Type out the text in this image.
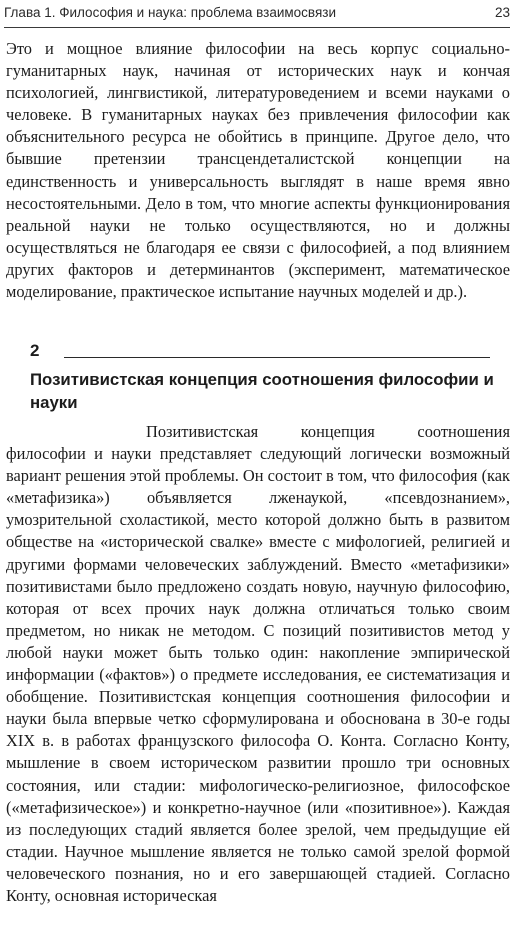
Глава 1. Философия и наука: проблема взаимосвязи	23

Это и мощное влияние философии на весь корпус социально-гуманитарных наук, начиная от исторических наук и кончая психологией, лингвистикой, литературоведением и всеми науками о человеке. В гуманитарных науках без привлечения философии как объяснительного ресурса не обойтись в принципе. Другое дело, что бывшие претензии трансцендеталистской концепции на единственность и универсальность выглядят в наше время явно несостоятельными. Дело в том, что многие аспекты функционирования реальной науки не только осуществляются, но и должны осуществляться не благодаря ее связи с философией, а под влиянием других факторов и детерминантов (эксперимент, математическое моделирование, практическое испытание научных моделей и др.).

2
Позитивистская концепция соотношения философии и науки

Позитивистская концепция соотношения философии и науки представляет следующий логически возможный вариант решения этой проблемы. Он состоит в том, что философия (как «метафизика») объявляется лженаукой, «псевдознанием», умозрительной схоластикой, место которой должно быть в развитом обществе на «исторической свалке» вместе с мифологией, религией и другими формами человеческих заблуждений. Вместо «метафизики» позитивистами было предложено создать новую, научную философию, которая от всех прочих наук должна отличаться только своим предметом, но никак не методом. С позиций позитивистов метод у любой науки может быть только один: накопление эмпирической информации («фактов») о предмете исследования, ее систематизация и обобщение. Позитивистская концепция соотношения философии и науки была впервые четко сформулирована и обоснована в 30-е годы XIX в. в работах французского философа О. Конта. Согласно Конту, мышление в своем историческом развитии прошло три основных состояния, или стадии: мифологическо-религиозное, философское («метафизическое») и конкретно-научное (или «позитивное»). Каждая из последующих стадий является более зрелой, чем предыдущие ей стадии. Научное мышление является не только самой зрелой формой человеческого познания, но и его завершающей стадией. Согласно Конту, основная историческая
